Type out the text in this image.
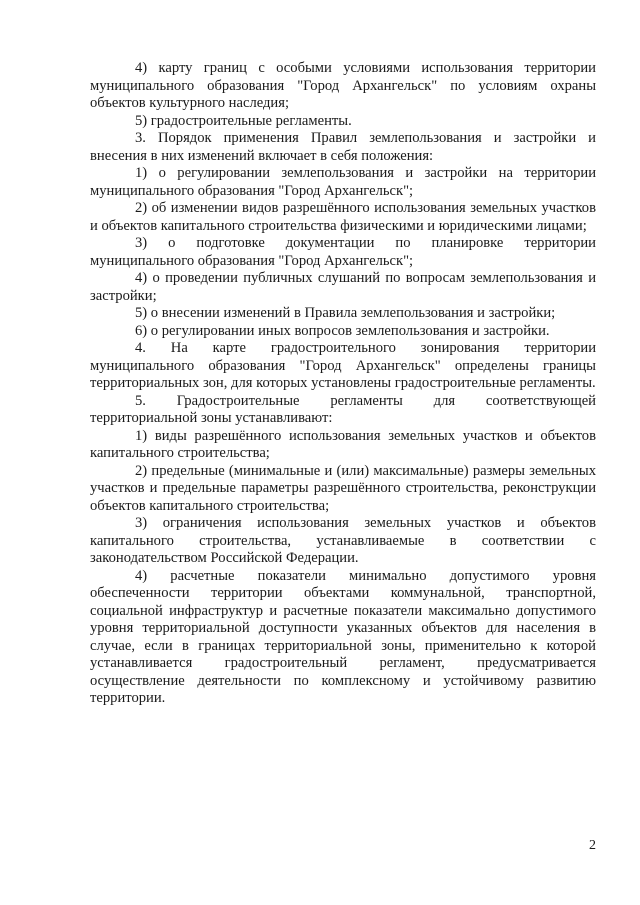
4) карту границ с особыми условиями использования территории муниципального образования "Город Архангельск" по условиям охраны объектов культурного наследия;

5) градостроительные регламенты.

3. Порядок применения Правил землепользования и застройки и внесения в них изменений включает в себя положения:

1) о регулировании землепользования и застройки на территории муниципального образования "Город Архангельск";

2) об изменении видов разрешённого использования земельных участков и объектов капитального строительства физическими и юридическими лицами;

3) о подготовке документации по планировке территории муниципального образования "Город Архангельск";

4) о проведении публичных слушаний по вопросам землепользования и застройки;

5) о внесении изменений в Правила землепользования и застройки;

6) о регулировании иных вопросов землепользования и застройки.

4. На карте градостроительного зонирования территории муниципального образования "Город Архангельск" определены границы территориальных зон, для которых установлены градостроительные регламенты.

5. Градостроительные регламенты для соответствующей территориальной зоны устанавливают:

1) виды разрешённого использования земельных участков и объектов капитального строительства;

2) предельные (минимальные и (или) максимальные) размеры земельных участков и предельные параметры разрешённого строительства, реконструкции объектов капитального строительства;

3) ограничения использования земельных участков и объектов капитального строительства, устанавливаемые в соответствии с законодательством Российской Федерации.

4) расчетные показатели минимально допустимого уровня обеспеченности территории объектами коммунальной, транспортной, социальной инфраструктур и расчетные показатели максимально допустимого уровня территориальной доступности указанных объектов для населения в случае, если в границах территориальной зоны, применительно к которой устанавливается градостроительный регламент, предусматривается осуществление деятельности по комплексному и устойчивому развитию территории.

2
